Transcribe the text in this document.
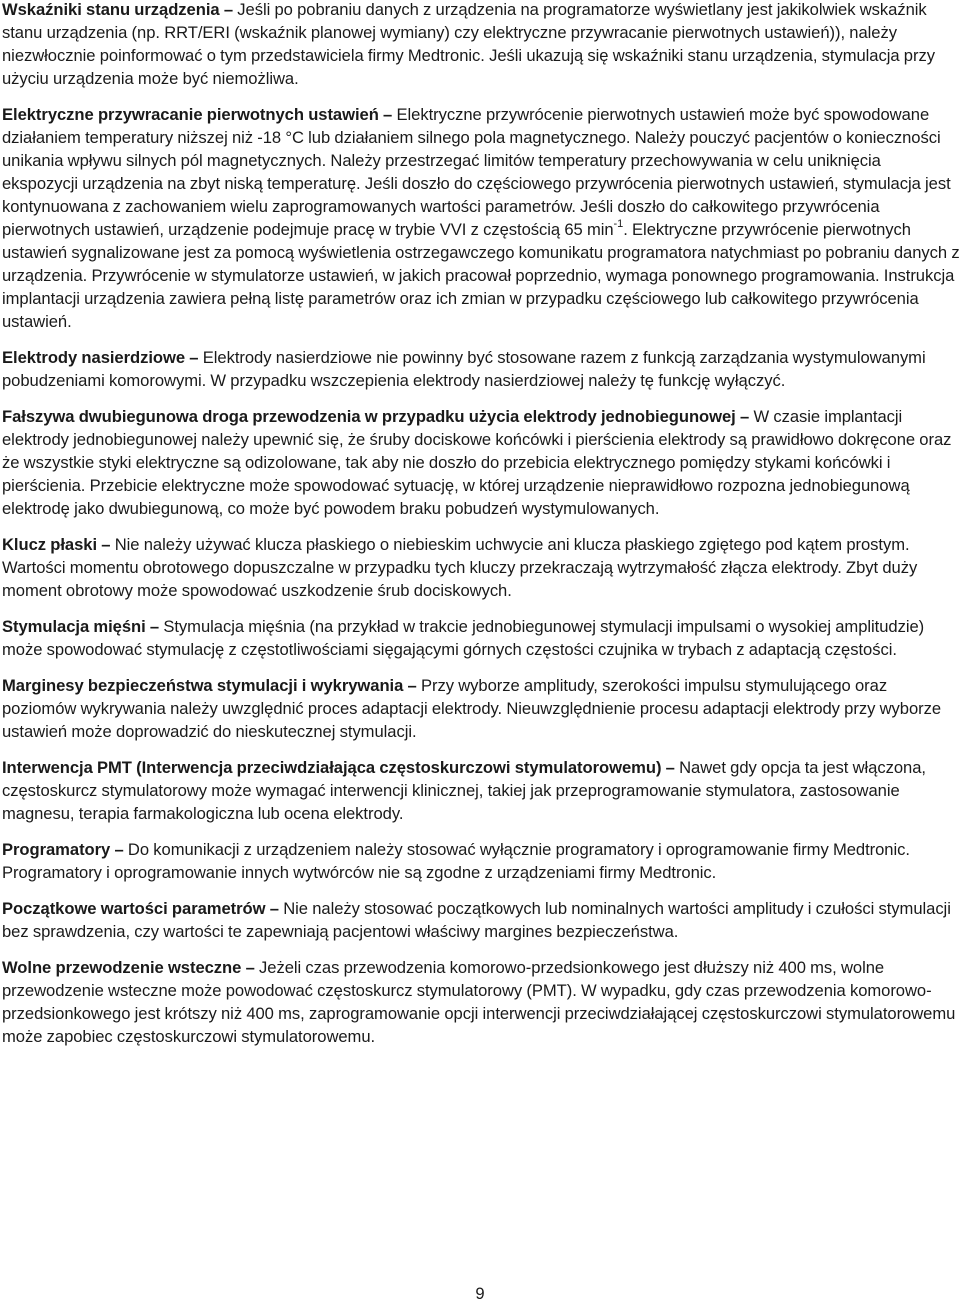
Wskaźniki stanu urządzenia – Jeśli po pobraniu danych z urządzenia na programatorze wyświetlany jest jakikolwiek wskaźnik stanu urządzenia (np. RRT/ERI (wskaźnik planowej wymiany) czy elektryczne przywracanie pierwotnych ustawień)), należy niezwłocznie poinformować o tym przedstawiciela firmy Medtronic. Jeśli ukazują się wskaźniki stanu urządzenia, stymulacja przy użyciu urządzenia może być niemożliwa.

Elektryczne przywracanie pierwotnych ustawień – Elektryczne przywrócenie pierwotnych ustawień może być spowodowane działaniem temperatury niższej niż -18 °C lub działaniem silnego pola magnetycznego. Należy pouczyć pacjentów o konieczności unikania wpływu silnych pól magnetycznych. Należy przestrzegać limitów temperatury przechowywania w celu uniknięcia ekspozycji urządzenia na zbyt niską temperaturę. Jeśli doszło do częściowego przywrócenia pierwotnych ustawień, stymulacja jest kontynuowana z zachowaniem wielu zaprogramowanych wartości parametrów. Jeśli doszło do całkowitego przywrócenia pierwotnych ustawień, urządzenie podejmuje pracę w trybie VVI z częstością 65 $\min^{-1}$. Elektryczne przywrócenie pierwotnych ustawień sygnalizowane jest za pomocą wyświetlenia ostrzegawczego komunikatu programatora natychmiast po pobraniu danych z urządzenia. Przywrócenie w stymulatorze ustawień, w jakich pracował poprzednio, wymaga ponownego programowania. Instrukcja implantacji urządzenia zawiera pełną listę parametrów oraz ich zmian w przypadku częściowego lub całkowitego przywrócenia ustawień.

Elektrody nasierdziowe – Elektrody nasierdziowe nie powinny być stosowane razem z funkcją zarządzania wystymulowanymi pobudzeniami komorowymi. W przypadku wszczepienia elektrody nasierdziowej należy tę funkcję wyłączyć.

Fałszywa dwubiegunowa droga przewodzenia w przypadku użycia elektrody jednobiegunowej – W czasie implantacji elektrody jednobiegunowej należy upewnić się, że śruby dociskowe końcówki i pierścienia elektrody są prawidłowo dokręcone oraz że wszystkie styki elektryczne są odizolowane, tak aby nie doszło do przebicia elektrycznego pomiędzy stykami końcówki i pierścienia. Przebicie elektryczne może spowodować sytuację, w której urządzenie nieprawidłowo rozpozna jednobiegunową elektrodę jako dwubiegunową, co może być powodem braku pobudzeń wystymulowanych.

Klucz płaski – Nie należy używać klucza płaskiego o niebieskim uchwycie ani klucza płaskiego zgiętego pod kątem prostym. Wartości momentu obrotowego dopuszczalne w przypadku tych kluczy przekraczają wytrzymałość złącza elektrody. Zbyt duży moment obrotowy może spowodować uszkodzenie śrub dociskowych.

Stymulacja mięśni – Stymulacja mięśnia (na przykład w trakcie jednobiegunowej stymulacji impulsami o wysokiej amplitudzie) może spowodować stymulację z częstotliwościami sięgającymi górnych częstości czujnika w trybach z adaptacją częstości.

Marginesy bezpieczeństwa stymulacji i wykrywania – Przy wyborze amplitudy, szerokości impulsu stymulującego oraz poziomów wykrywania należy uwzględnić proces adaptacji elektrody. Nieuwzględnienie procesu adaptacji elektrody przy wyborze ustawień może doprowadzić do nieskutecznej stymulacji.

Interwencja PMT (Interwencja przeciwdziałająca częstoskurczowi stymulatorowemu) – Nawet gdy opcja ta jest włączona, częstoskurcz stymulatorowy może wymagać interwencji klinicznej, takiej jak przeprogramowanie stymulatora, zastosowanie magnesu, terapia farmakologiczna lub ocena elektrody.

Programatory – Do komunikacji z urządzeniem należy stosować wyłącznie programatory i oprogramowanie firmy Medtronic. Programatory i oprogramowanie innych wytwórców nie są zgodne z urządzeniami firmy Medtronic.

Początkowe wartości parametrów – Nie należy stosować początkowych lub nominalnych wartości amplitudy i czułości stymulacji bez sprawdzenia, czy wartości te zapewniają pacjentowi właściwy margines bezpieczeństwa.

Wolne przewodzenie wsteczne – Jeżeli czas przewodzenia komorowo-przedsionkowego jest dłuższy niż 400 ms, wolne przewodzenie wsteczne może powodować częstoskurcz stymulatorowy (PMT). W wypadku, gdy czas przewodzenia komorowo-przedsionkowego jest krótszy niż 400 ms, zaprogramowanie opcji interwencji przeciwdziałającej częstoskurczowi stymulatorowemu może zapobiec częstoskurczowi stymulatorowemu.

9
